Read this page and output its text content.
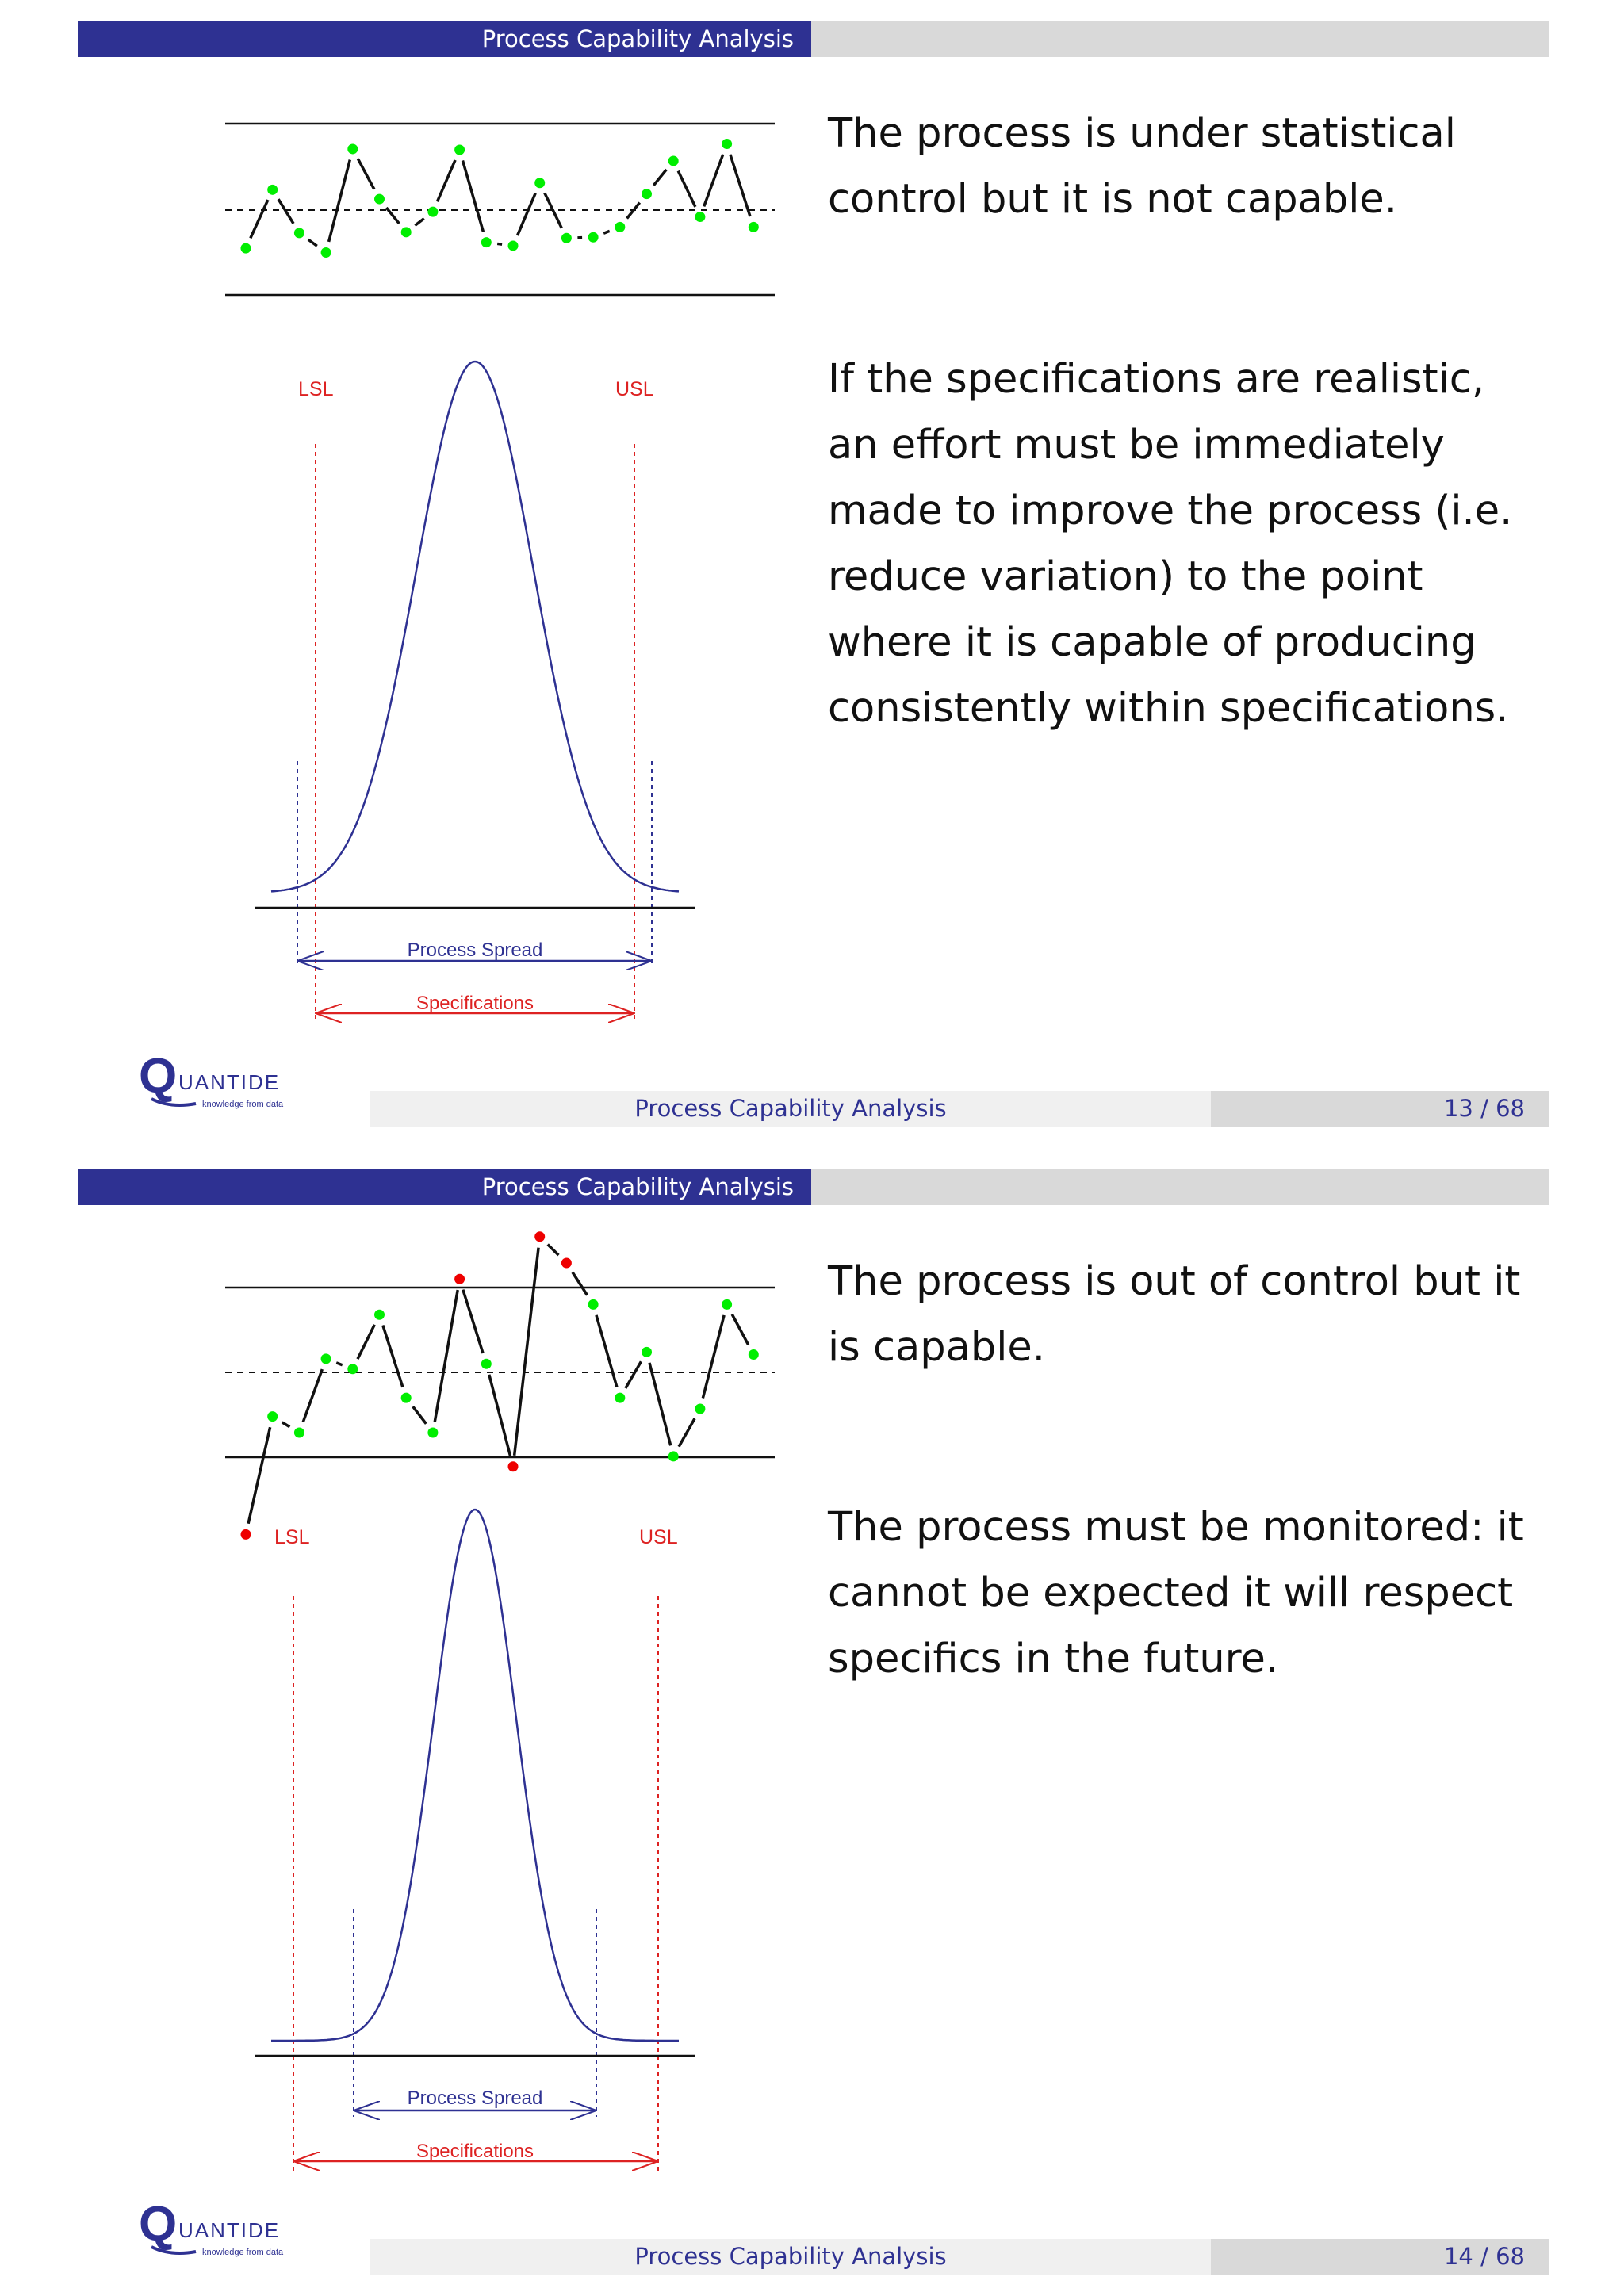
Process Capability Analysis
LSL	USL
Process Spread
Specifications

The process is under statistical control but it is not capable.

If the specifications are realistic, an effort must be immediately made to improve the process (i.e. reduce variation) to the point where it is capable of producing consistently within specifications.

Q UANTIDE
knowledge from data	Process Capability Analysis	13 / 68
Process Capability Analysis
LSL	USL
Process Spread
Specifications

The process is out of control but it is capable.

The process must be monitored: it cannot be expected it will respect specifics in the future.

Q UANTIDE
knowledge from data	Process Capability Analysis	14 / 68
